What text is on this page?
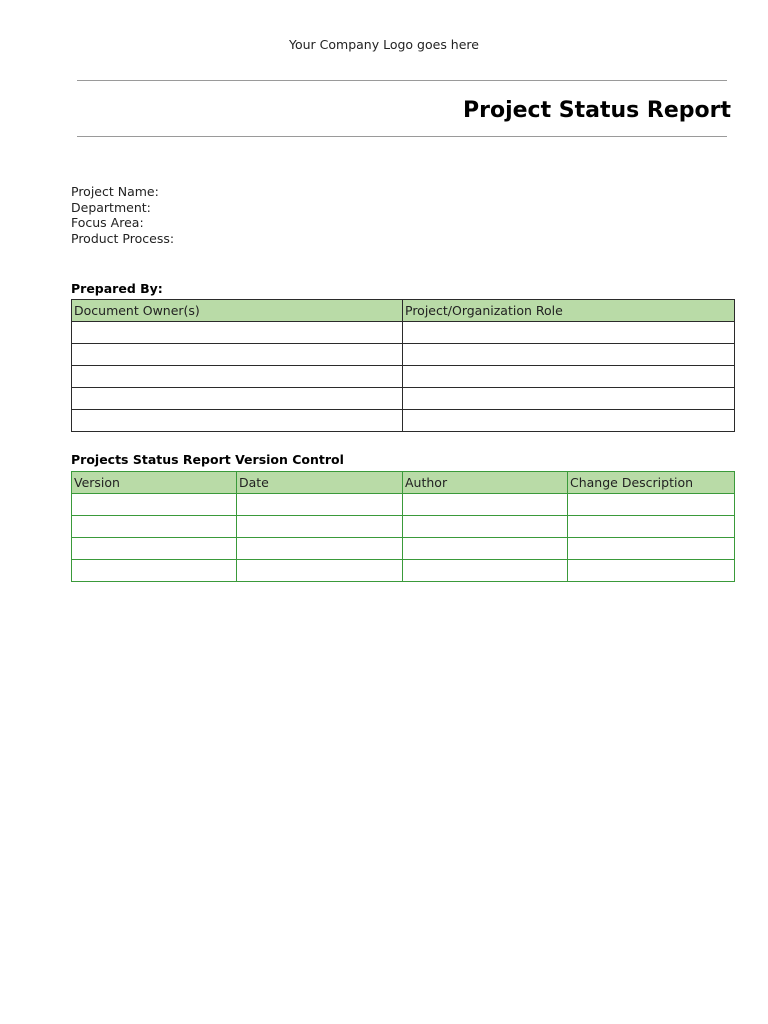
Your Company Logo goes here
Project Status Report
Project Name:
Department:
Focus Area:
Product Process:
Prepared By:
Document Owner(s)	Project/Organization Role

Projects Status Report Version Control
Version	Date	Author	Change Description
